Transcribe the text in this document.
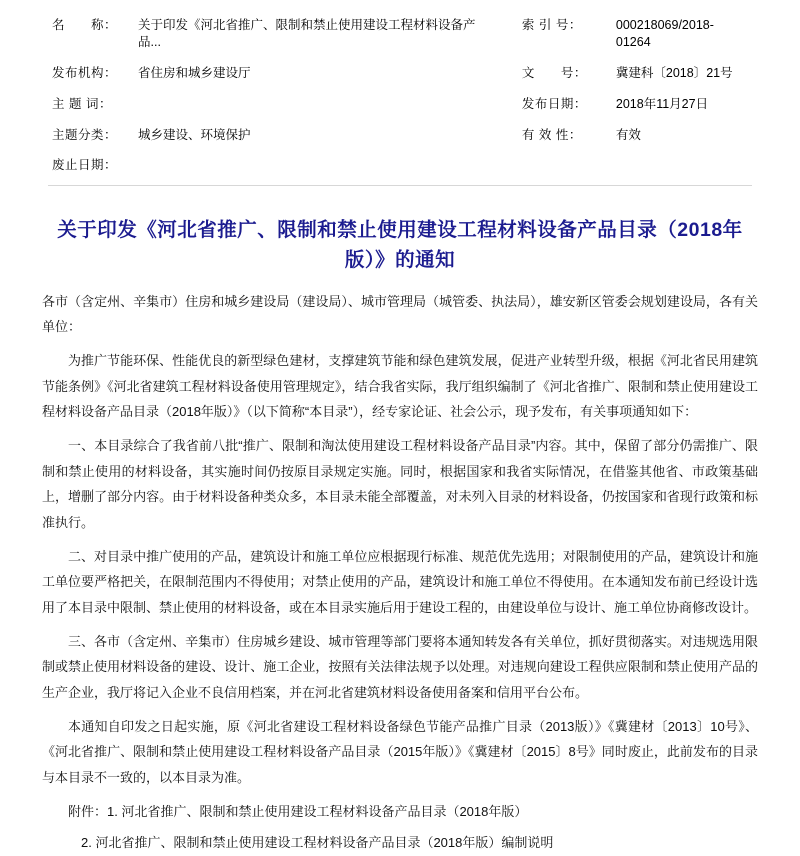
名　　称：	关于印发《河北省推广、限制和禁止使用建设工程材料设备产品...		索 引 号：	000218069/2018-01264
发布机构：	省住房和城乡建设厅		文　　号：	冀建科〔2018〕21号
主 题 词：			发布日期：	2018年11月27日
主题分类：	城乡建设、环境保护		有 效 性：	有效
废止日期：				
关于印发《河北省推广、限制和禁止使用建设工程材料设备产品目录（2018年版）》的通知

各市（含定州、辛集市）住房和城乡建设局（建设局）、城市管理局（城管委、执法局），雄安新区管委会规划建设局，各有关单位：

为推广节能环保、性能优良的新型绿色建材，支撑建筑节能和绿色建筑发展，促进产业转型升级，根据《河北省民用建筑节能条例》《河北省建筑工程材料设备使用管理规定》，结合我省实际，我厅组织编制了《河北省推广、限制和禁止使用建设工程材料设备产品目录（2018年版）》（以下简称“本目录”），经专家论证、社会公示，现予发布，有关事项通知如下：

一、本目录综合了我省前八批“推广、限制和淘汰使用建设工程材料设备产品目录”内容。其中，保留了部分仍需推广、限制和禁止使用的材料设备，其实施时间仍按原目录规定实施。同时，根据国家和我省实际情况，在借鉴其他省、市政策基础上，增删了部分内容。由于材料设备种类众多，本目录未能全部覆盖，对未列入目录的材料设备，仍按国家和省现行政策和标准执行。

二、对目录中推广使用的产品，建筑设计和施工单位应根据现行标准、规范优先选用；对限制使用的产品，建筑设计和施工单位要严格把关，在限制范围内不得使用；对禁止使用的产品，建筑设计和施工单位不得使用。在本通知发布前已经设计选用了本目录中限制、禁止使用的材料设备，或在本目录实施后用于建设工程的，由建设单位与设计、施工单位协商修改设计。

三、各市（含定州、辛集市）住房城乡建设、城市管理等部门要将本通知转发各有关单位，抓好贯彻落实。对违规选用限制或禁止使用材料设备的建设、设计、施工企业，按照有关法律法规予以处理。对违规向建设工程供应限制和禁止使用产品的生产企业，我厅将记入企业不良信用档案，并在河北省建筑材料设备使用备案和信用平台公布。

本通知自印发之日起实施，原《河北省建设工程材料设备绿色节能产品推广目录（2013版）》《冀建材〔2013〕10号》、《河北省推广、限制和禁止使用建设工程材料设备产品目录（2015年版）》《冀建材〔2015〕8号》同时废止，此前发布的目录与本目录不一致的，以本目录为准。

附件：1. 河北省推广、限制和禁止使用建设工程材料设备产品目录（2018年版）

2. 河北省推广、限制和禁止使用建设工程材料设备产品目录（2018年版）编制说明
